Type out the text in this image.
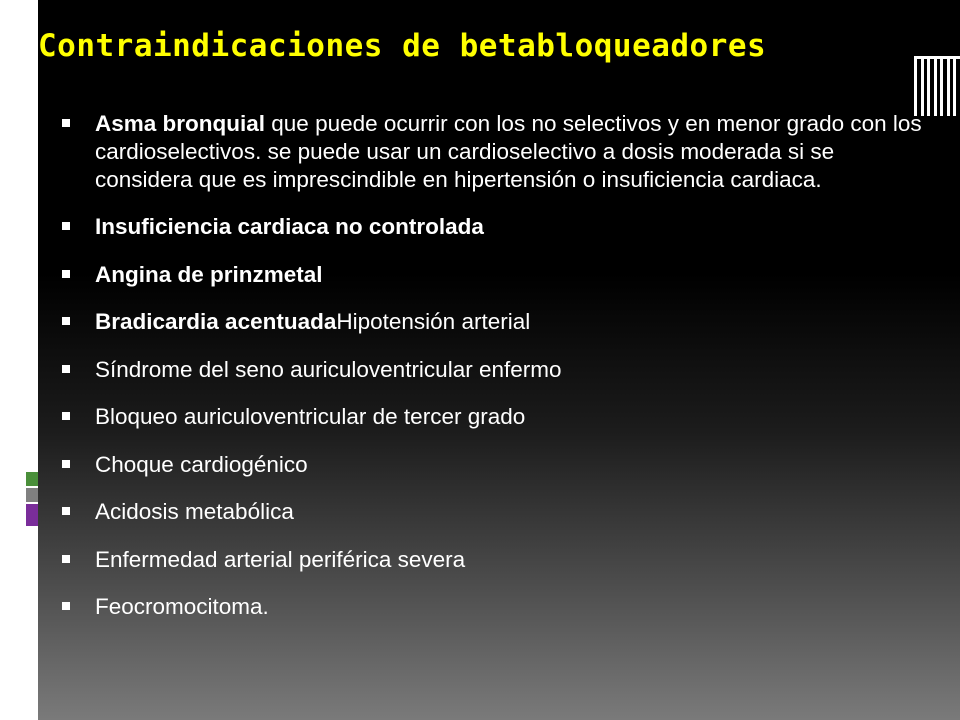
Contraindicaciones de betabloqueadores
Asma bronquial que puede ocurrir con los no selectivos y en menor grado con los cardioselectivos. se puede usar un cardioselectivo a dosis moderada si se considera que es imprescindible en hipertensión o insuficiencia cardiaca.
Insuficiencia cardiaca no controlada
Angina de prinzmetal
Bradicardia acentuadaHipotensión arterial
Síndrome del seno auriculoventricular enfermo
Bloqueo auriculoventricular de tercer grado
Choque cardiogénico
Acidosis metabólica
Enfermedad arterial periférica severa
Feocromocitoma.
